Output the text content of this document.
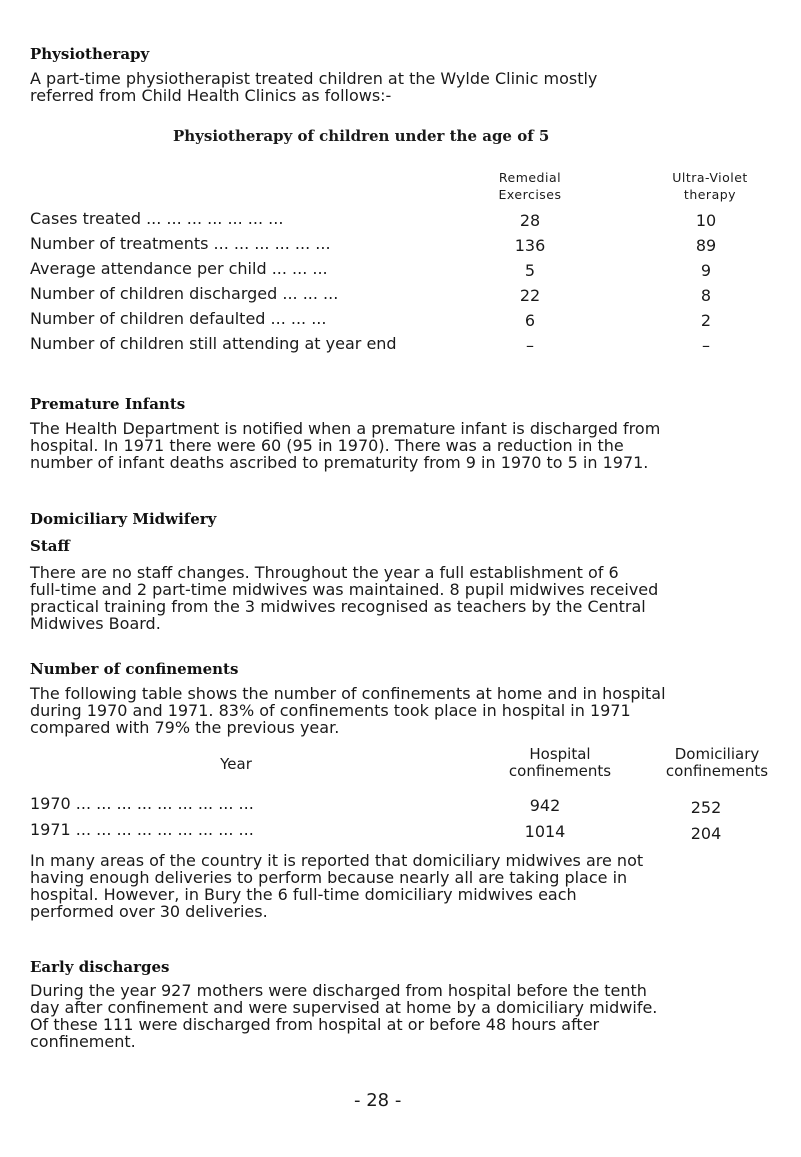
Physiotherapy
A part-time physiotherapist treated children at the Wylde Clinic mostly
referred from Child Health Clinics as follows:-
Physiotherapy of children under the age of 5
Remedial
Exercises
Ultra-Violet
therapy
Cases treated ... ... ... ... ... ... ...	28	10
Number of treatments ... ... ... ... ... ...	136	89
Average attendance per child ... ... ...	5	9
Number of children discharged ... ... ...	22	8
Number of children defaulted ... ... ...	6	2
Number of children still attending at year end	–	–
Premature Infants
The Health Department is notified when a premature infant is discharged from
hospital. In 1971 there were 60 (95 in 1970). There was a reduction in the
number of infant deaths ascribed to prematurity from 9 in 1970 to 5 in 1971.
Domiciliary Midwifery
Staff
There are no staff changes. Throughout the year a full establishment of 6
full-time and 2 part-time midwives was maintained. 8 pupil midwives received
practical training from the 3 midwives recognised as teachers by the Central
Midwives Board.
Number of confinements
The following table shows the number of confinements at home and in hospital
during 1970 and 1971. 83% of confinements took place in hospital in 1971
compared with 79% the previous year.
Year
Hospital
confinements
Domiciliary
confinements
1970 ... ... ... ... ... ... ... ... ...	942	252
1971 ... ... ... ... ... ... ... ... ...	1014	204
In many areas of the country it is reported that domiciliary midwives are not
having enough deliveries to perform because nearly all are taking place in
hospital. However, in Bury the 6 full-time domiciliary midwives each
performed over 30 deliveries.
Early discharges
During the year 927 mothers were discharged from hospital before the tenth
day after confinement and were supervised at home by a domiciliary midwife.
Of these 111 were discharged from hospital at or before 48 hours after
confinement.
- 28 -
